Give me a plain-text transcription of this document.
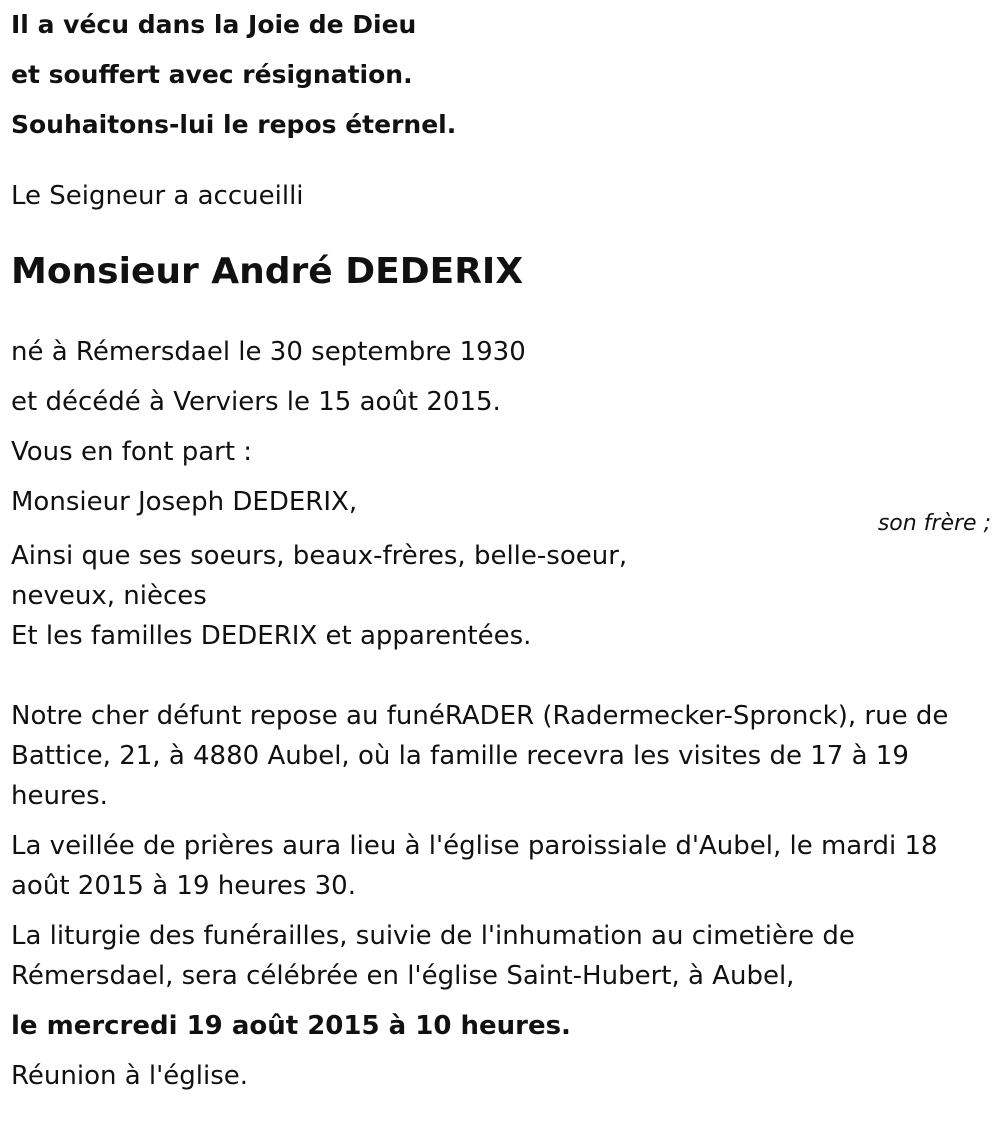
Il a vécu dans la Joie de Dieu
et souffert avec résignation.
Souhaitons-lui le repos éternel.
Le Seigneur a accueilli
Monsieur André DEDERIX
né à Rémersdael le 30 septembre 1930
et décédé à Verviers le 15 août 2015.
Vous en font part :
Monsieur Joseph DEDERIX,
son frère ;
Ainsi que ses soeurs, beaux-frères, belle-soeur,
neveux, nièces
Et les familles DEDERIX et apparentées.

Notre cher défunt repose au funéRADER (Radermecker-Spronck), rue de Battice, 21, à 4880 Aubel, où la famille recevra les visites de 17 à 19 heures.

La veillée de prières aura lieu à l'église paroissiale d'Aubel, le mardi 18 août 2015 à 19 heures 30.

La liturgie des funérailles, suivie de l'inhumation au cimetière de Rémersdael, sera célébrée en l'église Saint-Hubert, à Aubel,

le mercredi 19 août 2015 à 10 heures.

Réunion à l'église.
